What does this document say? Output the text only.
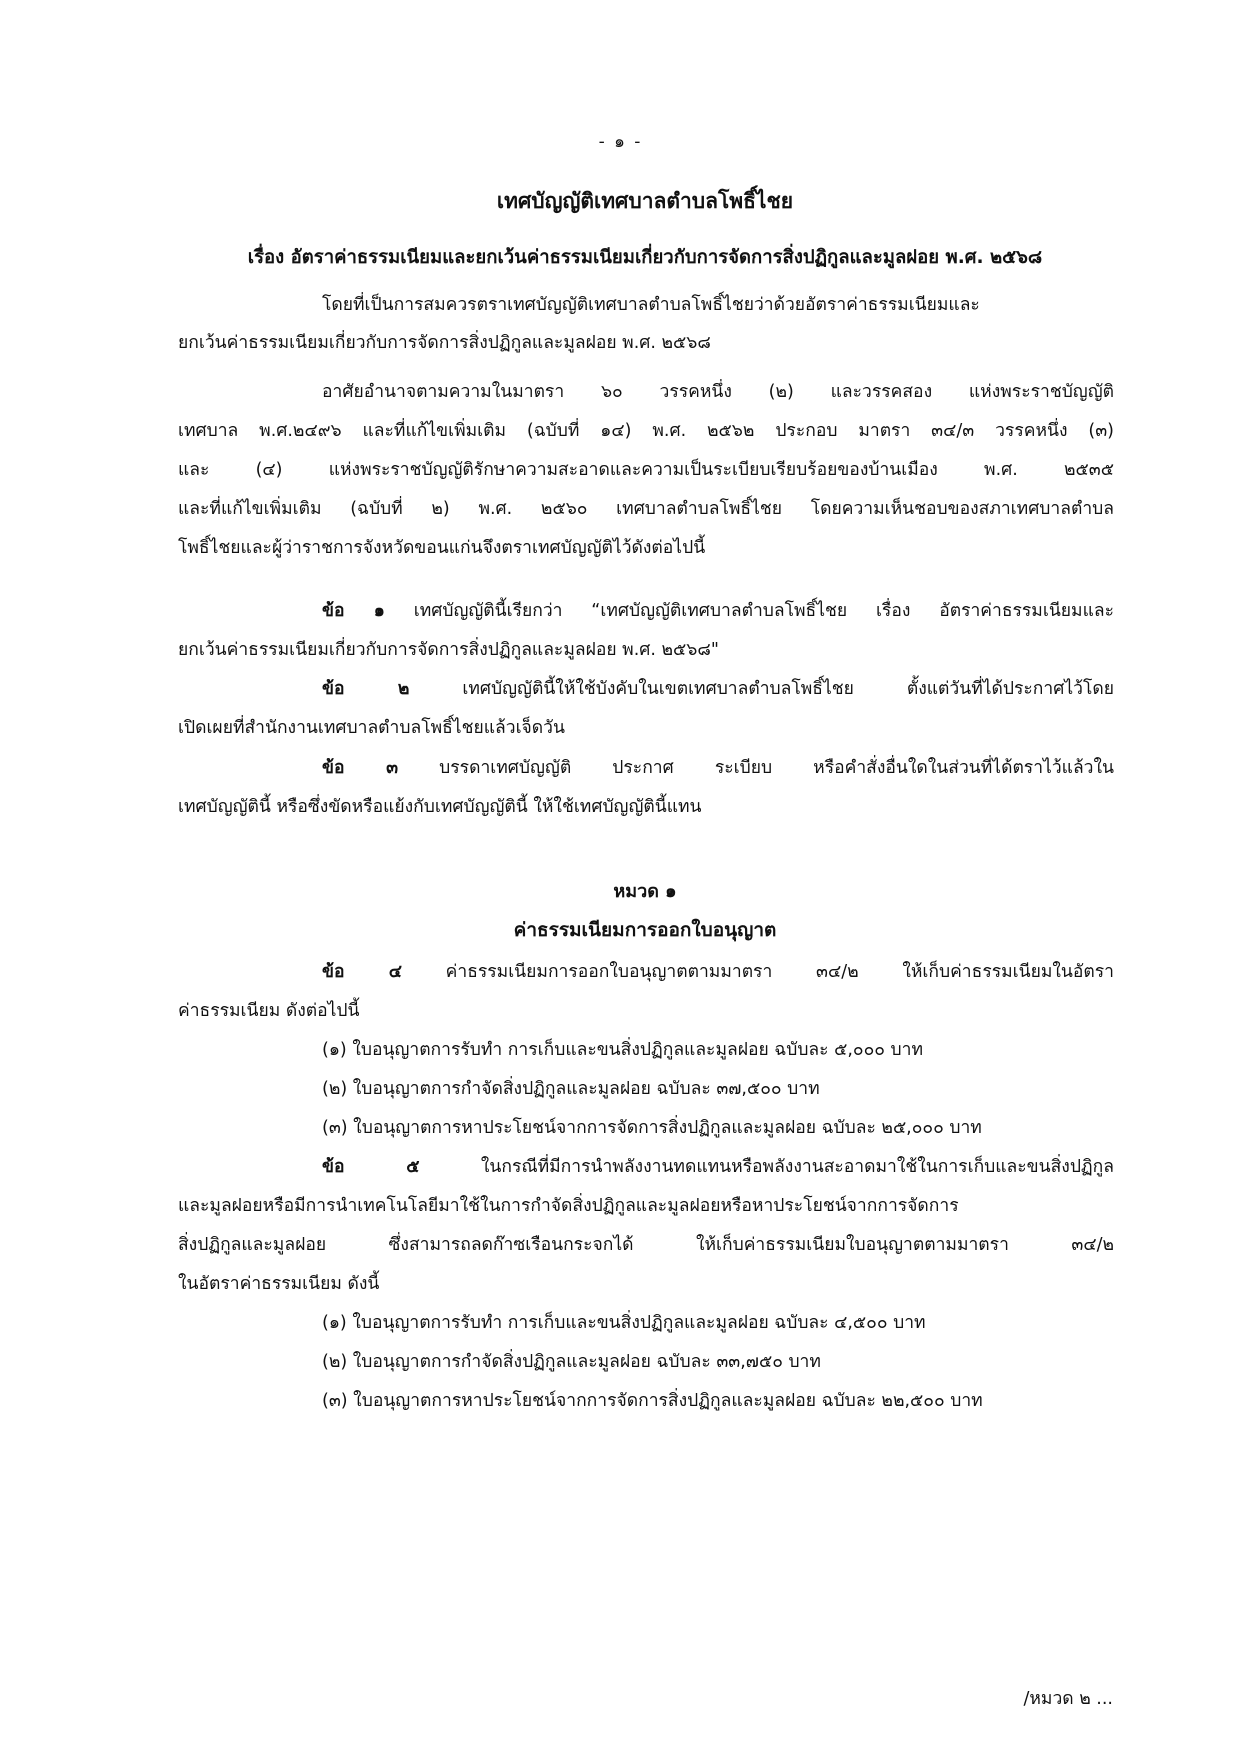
- ๑ -
เทศบัญญัติเทศบาลตำบลโพธิ์ไชย
เรื่อง อัตราค่าธรรมเนียมและยกเว้นค่าธรรมเนียมเกี่ยวกับการจัดการสิ่งปฏิกูลและมูลฝอย พ.ศ. ๒๕๖๘
โดยที่เป็นการสมควรตราเทศบัญญัติเทศบาลตำบลโพธิ์ไชยว่าด้วยอัตราค่าธรรมเนียมและ
ยกเว้นค่าธรรมเนียมเกี่ยวกับการจัดการสิ่งปฏิกูลและมูลฝอย พ.ศ. ๒๕๖๘
อาศัยอำนาจตามความในมาตรา ๖๐ วรรคหนึ่ง (๒) และวรรคสอง แห่งพระราชบัญญัติ
เทศบาล พ.ศ.๒๔๙๖ และที่แก้ไขเพิ่มเติม (ฉบับที่ ๑๔) พ.ศ. ๒๕๖๒ ประกอบ มาตรา ๓๔/๓ วรรคหนึ่ง (๓)
และ (๔) แห่งพระราชบัญญัติรักษาความสะอาดและความเป็นระเบียบเรียบร้อยของบ้านเมือง พ.ศ. ๒๕๓๕
และที่แก้ไขเพิ่มเติม (ฉบับที่ ๒) พ.ศ. ๒๕๖๐ เทศบาลตำบลโพธิ์ไชย โดยความเห็นชอบของสภาเทศบาลตำบล
โพธิ์ไชยและผู้ว่าราชการจังหวัดขอนแก่นจึงตราเทศบัญญัติไว้ดังต่อไปนี้
ข้อ ๑ เทศบัญญัตินี้เรียกว่า “เทศบัญญัติเทศบาลตำบลโพธิ์ไชย เรื่อง อัตราค่าธรรมเนียมและ
ยกเว้นค่าธรรมเนียมเกี่ยวกับการจัดการสิ่งปฏิกูลและมูลฝอย พ.ศ. ๒๕๖๘"
ข้อ ๒ เทศบัญญัตินี้ให้ใช้บังคับในเขตเทศบาลตำบลโพธิ์ไชย ตั้งแต่วันที่ได้ประกาศไว้โดย
เปิดเผยที่สำนักงานเทศบาลตำบลโพธิ์ไชยแล้วเจ็ดวัน
ข้อ ๓ บรรดาเทศบัญญัติ ประกาศ ระเบียบ หรือคำสั่งอื่นใดในส่วนที่ได้ตราไว้แล้วใน
เทศบัญญัตินี้ หรือซึ่งขัดหรือแย้งกับเทศบัญญัตินี้ ให้ใช้เทศบัญญัตินี้แทน
หมวด ๑
ค่าธรรมเนียมการออกใบอนุญาต
ข้อ ๔ ค่าธรรมเนียมการออกใบอนุญาตตามมาตรา ๓๔/๒ ให้เก็บค่าธรรมเนียมในอัตรา
ค่าธรรมเนียม ดังต่อไปนี้
(๑) ใบอนุญาตการรับทำ การเก็บและขนสิ่งปฏิกูลและมูลฝอย ฉบับละ ๕,๐๐๐ บาท
(๒) ใบอนุญาตการกำจัดสิ่งปฏิกูลและมูลฝอย ฉบับละ ๓๗,๕๐๐ บาท
(๓) ใบอนุญาตการหาประโยชน์จากการจัดการสิ่งปฏิกูลและมูลฝอย ฉบับละ ๒๕,๐๐๐ บาท
ข้อ ๕ ในกรณีที่มีการนำพลังงานทดแทนหรือพลังงานสะอาดมาใช้ในการเก็บและขนสิ่งปฏิกูล
และมูลฝอยหรือมีการนำเทคโนโลยีมาใช้ในการกำจัดสิ่งปฏิกูลและมูลฝอยหรือหาประโยชน์จากการจัดการ
สิ่งปฏิกูลและมูลฝอย ซึ่งสามารถลดก๊าซเรือนกระจกได้ ให้เก็บค่าธรรมเนียมใบอนุญาตตามมาตรา ๓๔/๒
ในอัตราค่าธรรมเนียม ดังนี้
(๑) ใบอนุญาตการรับทำ การเก็บและขนสิ่งปฏิกูลและมูลฝอย ฉบับละ ๔,๕๐๐ บาท
(๒) ใบอนุญาตการกำจัดสิ่งปฏิกูลและมูลฝอย ฉบับละ ๓๓,๗๕๐ บาท
(๓) ใบอนุญาตการหาประโยชน์จากการจัดการสิ่งปฏิกูลและมูลฝอย ฉบับละ ๒๒,๕๐๐ บาท
/หมวด ๒ ...
